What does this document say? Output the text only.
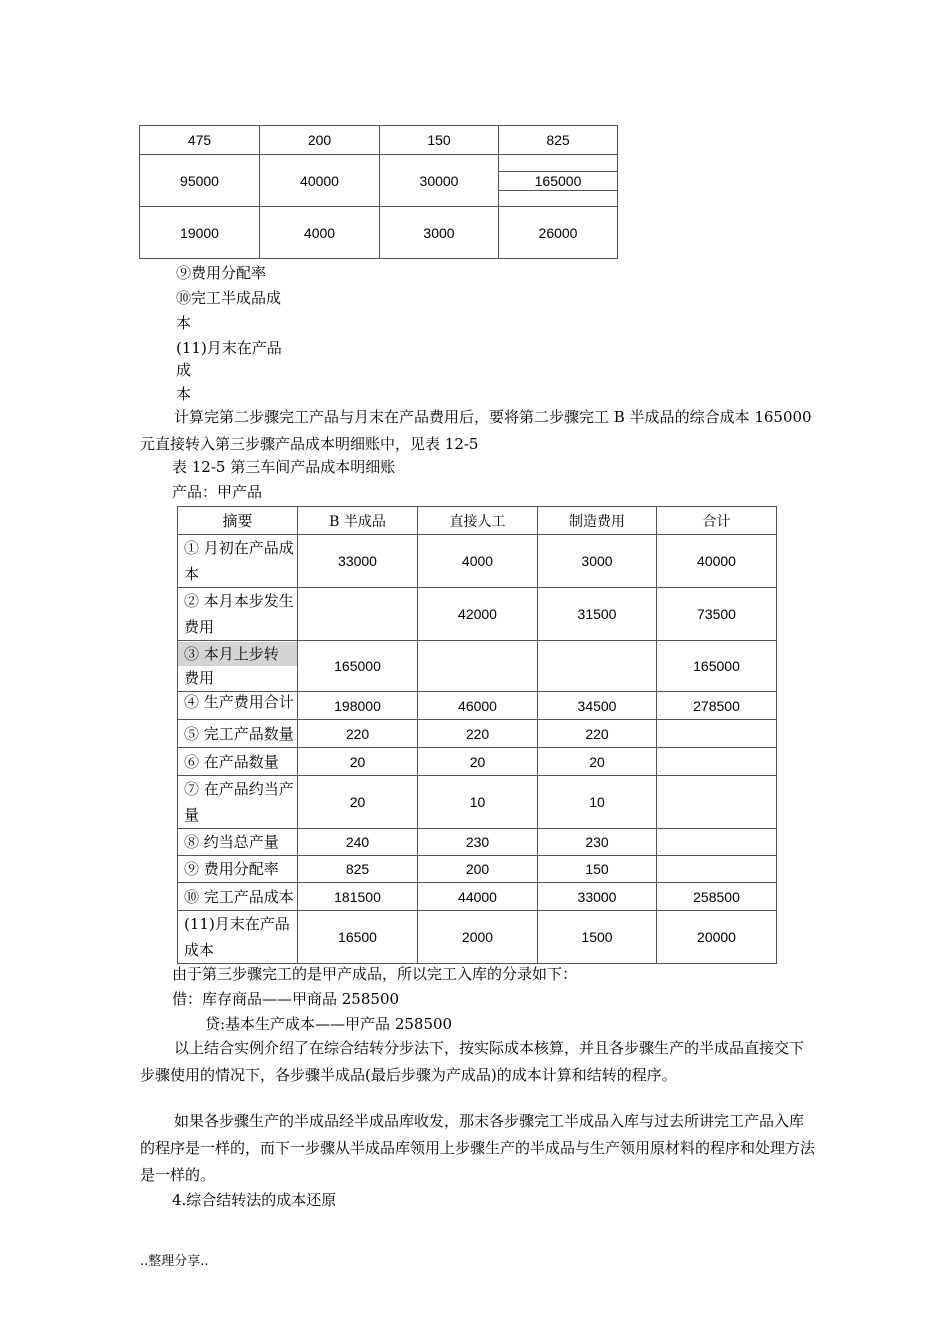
475	200	150	825
95000	40000	30000	165000

19000	4000	3000	26000
⑨费用分配率
⑩完工半成品成
本
(11)月末在产品
成
本
计算完第二步骤完工产品与月末在产品费用后，要将第二步骤完工 B 半成品的综合成本 165000 元直接转入第三步骤产品成本明细账中，见表 12-5
表 12-5 第三车间产品成本明细账
产品：甲产品
摘要	B 半成品	直接人工	制造费用	合计
① 月初在产品成本	33000	4000	3000	40000
② 本月本步发生费用		42000	31500	73500

③ 本月上步转
费用	165000			165000

④ 生产费用合计	198000	46000	34500	278500

⑤ 完工产品数量	220	220	220	
⑥ 在产品数量	20	20	20	
⑦ 在产品约当产量	20	10	10	
⑧ 约当总产量	240	230	230	
⑨ 费用分配率	825	200	150	

⑩ 完工产品成本	181500	44000	33000	258500
(11)月末在产品成本	16500	2000	1500	20000
由于第三步骤完工的是甲产成品，所以完工入库的分录如下：
借：库存商品——甲商品 258500
贷:基本生产成本——甲产品 258500
以上结合实例介绍了在综合结转分步法下，按实际成本核算，并且各步骤生产的半成品直接交下步骤使用的情况下，各步骤半成品(最后步骤为产成品)的成本计算和结转的程序。
如果各步骤生产的半成品经半成品库收发，那末各步骤完工半成品入库与过去所讲完工产品入库的程序是一样的，而下一步骤从半成品库领用上步骤生产的半成品与生产领用原材料的程序和处理方法是一样的。
4.综合结转法的成本还原
..整理分享..
